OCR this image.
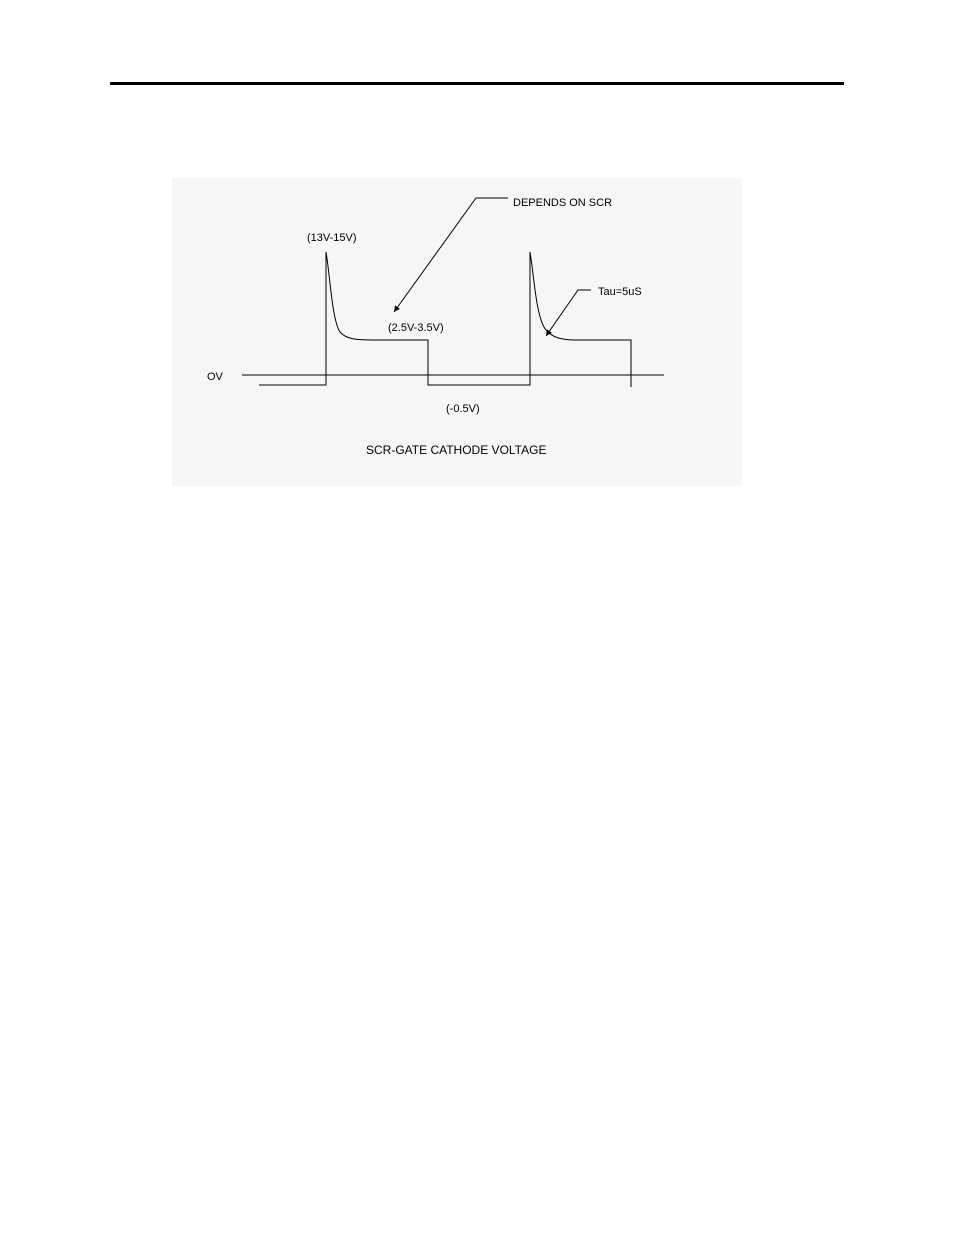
OV
(13V-15V)
(2.5V-3.5V)
(-0.5V)
DEPENDS ON SCR
Tau=5uS
SCR-GATE CATHODE VOLTAGE
